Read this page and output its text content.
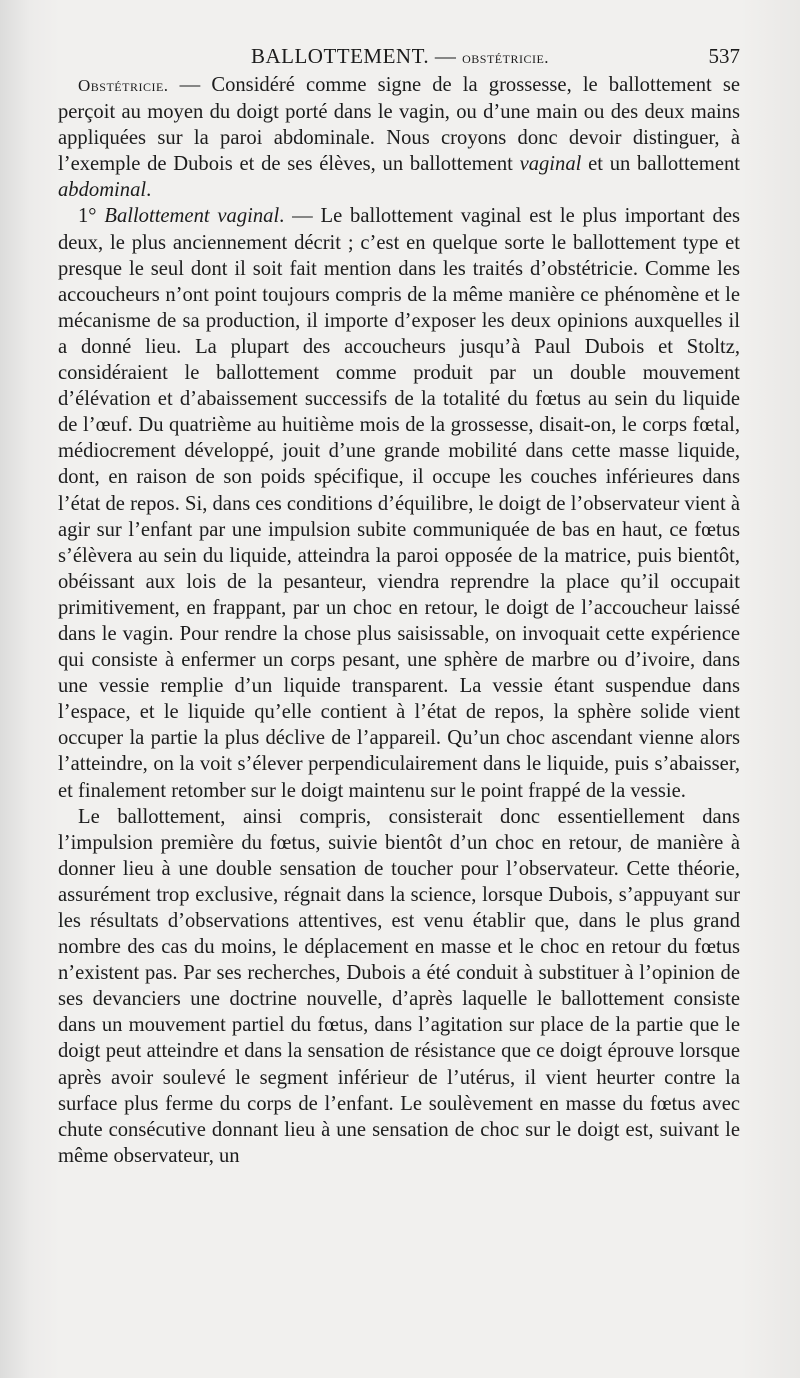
BALLOTTEMENT. — obstétricie.	537

Obstétricie. — Considéré comme signe de la grossesse, le ballottement se perçoit au moyen du doigt porté dans le vagin, ou d’une main ou des deux mains appliquées sur la paroi abdominale. Nous croyons donc devoir distinguer, à l’exemple de Dubois et de ses élèves, un ballottement vaginal et un ballottement abdominal.

1° Ballottement vaginal. — Le ballottement vaginal est le plus important des deux, le plus anciennement décrit ; c’est en quelque sorte le ballottement type et presque le seul dont il soit fait mention dans les traités d’obstétricie. Comme les accoucheurs n’ont point toujours compris de la même manière ce phénomène et le mécanisme de sa production, il importe d’exposer les deux opinions auxquelles il a donné lieu. La plupart des accoucheurs jusqu’à Paul Dubois et Stoltz, considéraient le ballottement comme produit par un double mouvement d’élévation et d’abaissement successifs de la totalité du fœtus au sein du liquide de l’œuf. Du quatrième au huitième mois de la grossesse, disait-on, le corps fœtal, médiocrement développé, jouit d’une grande mobilité dans cette masse liquide, dont, en raison de son poids spécifique, il occupe les couches inférieures dans l’état de repos. Si, dans ces conditions d’équilibre, le doigt de l’observateur vient à agir sur l’enfant par une impulsion subite communiquée de bas en haut, ce fœtus s’élèvera au sein du liquide, atteindra la paroi opposée de la matrice, puis bientôt, obéissant aux lois de la pesanteur, viendra reprendre la place qu’il occupait primitivement, en frappant, par un choc en retour, le doigt de l’accoucheur laissé dans le vagin. Pour rendre la chose plus saisissable, on invoquait cette expérience qui consiste à enfermer un corps pesant, une sphère de marbre ou d’ivoire, dans une vessie remplie d’un liquide transparent. La vessie étant suspendue dans l’espace, et le liquide qu’elle contient à l’état de repos, la sphère solide vient occuper la partie la plus déclive de l’appareil. Qu’un choc ascendant vienne alors l’atteindre, on la voit s’élever perpendiculairement dans le liquide, puis s’abaisser, et finalement retomber sur le doigt maintenu sur le point frappé de la vessie.

Le ballottement, ainsi compris, consisterait donc essentiellement dans l’impulsion première du fœtus, suivie bientôt d’un choc en retour, de manière à donner lieu à une double sensation de toucher pour l’observateur. Cette théorie, assurément trop exclusive, régnait dans la science, lorsque Dubois, s’appuyant sur les résultats d’observations attentives, est venu établir que, dans le plus grand nombre des cas du moins, le déplacement en masse et le choc en retour du fœtus n’existent pas. Par ses recherches, Dubois a été conduit à substituer à l’opinion de ses devanciers une doctrine nouvelle, d’après laquelle le ballottement consiste dans un mouvement partiel du fœtus, dans l’agitation sur place de la partie que le doigt peut atteindre et dans la sensation de résistance que ce doigt éprouve lorsque après avoir soulevé le segment inférieur de l’utérus, il vient heurter contre la surface plus ferme du corps de l’enfant. Le soulèvement en masse du fœtus avec chute consécutive donnant lieu à une sensation de choc sur le doigt est, suivant le même observateur, un
